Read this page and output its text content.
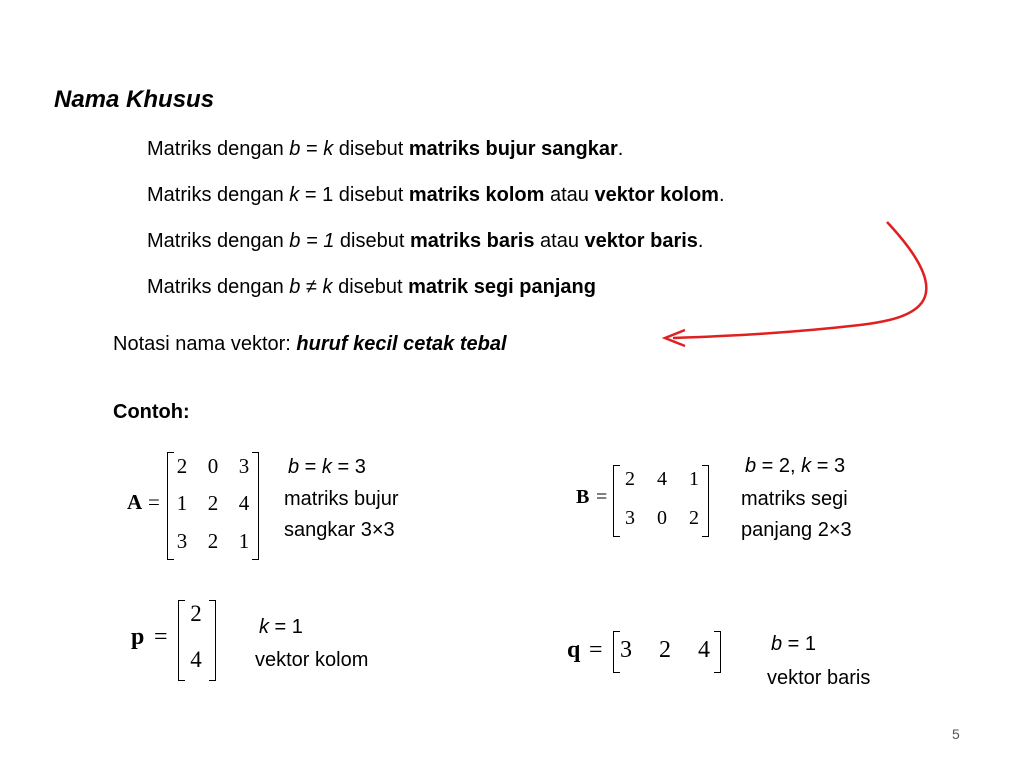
Nama Khusus
Matriks dengan b = k disebut matriks bujur sangkar.
Matriks dengan k = 1 disebut matriks kolom atau vektor kolom.
Matriks dengan b = 1 disebut matriks baris atau vektor baris.
Matriks dengan b ≠ k disebut matrik segi panjang
Notasi nama vektor: huruf kecil cetak tebal
Contoh:
A =
2 0 3
1 2 4
3 2 1
b = k = 3
matriks bujur
sangkar 3×3
B =
2 4 1
3 0 2
b = 2, k = 3
matriks segi
panjang 2×3
p =
2
4
k = 1
vektor kolom	q = 3 2 4	b = 1
vektor baris
5
